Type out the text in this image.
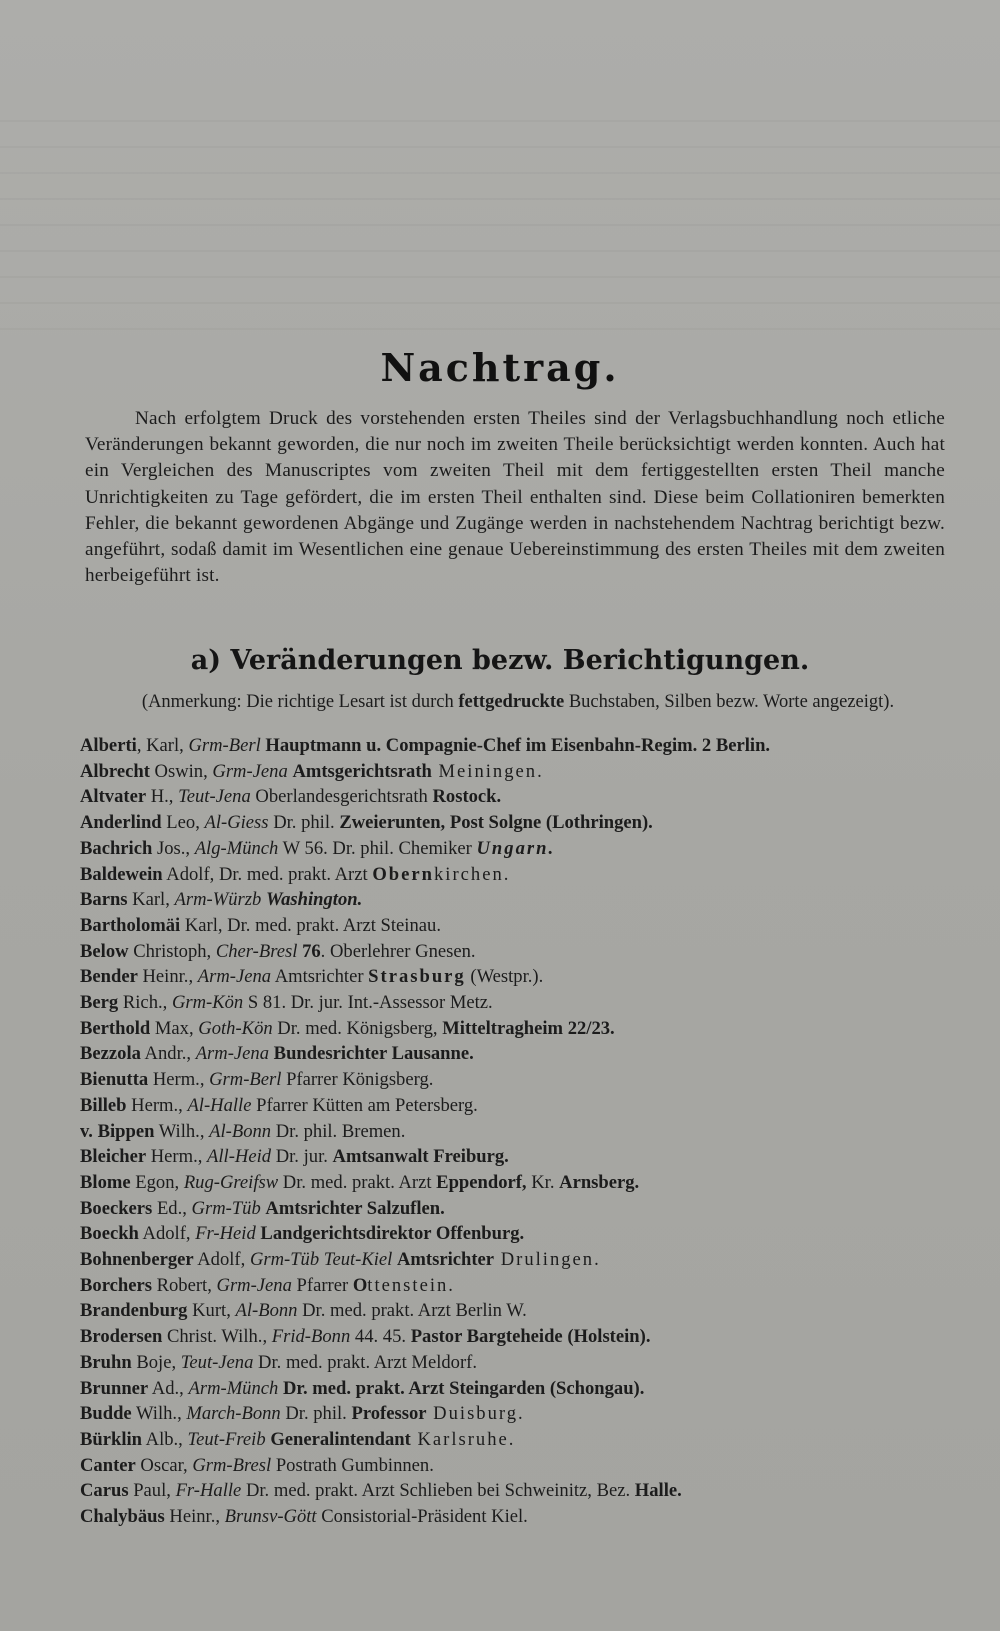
Nachtrag.

Nach erfolgtem Druck des vorstehenden ersten Theiles sind der Verlagsbuchhandlung noch etliche Veränderungen bekannt geworden, die nur noch im zweiten Theile berücksichtigt werden konnten. Auch hat ein Vergleichen des Manuscriptes vom zweiten Theil mit dem fertiggestellten ersten Theil manche Unrichtigkeiten zu Tage gefördert, die im ersten Theil enthalten sind. Diese beim Collationiren bemerkten Fehler, die bekannt gewordenen Abgänge und Zugänge werden in nachstehendem Nachtrag berichtigt bezw. angeführt, sodaß damit im Wesentlichen eine genaue Uebereinstimmung des ersten Theiles mit dem zweiten herbeigeführt ist.

a) Veränderungen bezw. Berichtigungen.
(Anmerkung: Die richtige Lesart ist durch fettgedruckte Buchstaben, Silben bezw. Worte angezeigt).
Alberti, Karl, Grm-Berl Hauptmann u. Compagnie-Chef im Eisenbahn-Regim. 2 Berlin.
Albrecht Oswin, Grm-Jena Amtsgerichtsrath Meiningen.
Altvater H., Teut-Jena Oberlandesgerichtsrath Rostock.
Anderlind Leo, Al-Giess Dr. phil. Zweierunten, Post Solgne (Lothringen).
Bachrich Jos., Alg-Münch W 56. Dr. phil. Chemiker Ungarn.
Baldewein Adolf, Dr. med. prakt. Arzt Obernkirchen.
Barns Karl, Arm-Würzb Washington.
Bartholomäi Karl, Dr. med. prakt. Arzt Steinau.
Below Christoph, Cher-Bresl 76. Oberlehrer Gnesen.
Bender Heinr., Arm-Jena Amtsrichter Strasburg (Westpr.).
Berg Rich., Grm-Kön S 81. Dr. jur. Int.-Assessor Metz.
Berthold Max, Goth-Kön Dr. med. Königsberg, Mitteltragheim 22/23.
Bezzola Andr., Arm-Jena Bundesrichter Lausanne.
Bienutta Herm., Grm-Berl Pfarrer Königsberg.
Billeb Herm., Al-Halle Pfarrer Kütten am Petersberg.
v. Bippen Wilh., Al-Bonn Dr. phil. Bremen.
Bleicher Herm., All-Heid Dr. jur. Amtsanwalt Freiburg.
Blome Egon, Rug-Greifsw Dr. med. prakt. Arzt Eppendorf, Kr. Arnsberg.
Boeckers Ed., Grm-Tüb Amtsrichter Salzuflen.
Boeckh Adolf, Fr-Heid Landgerichtsdirektor Offenburg.
Bohnenberger Adolf, Grm-Tüb Teut-Kiel Amtsrichter Drulingen.
Borchers Robert, Grm-Jena Pfarrer Ottenstein.
Brandenburg Kurt, Al-Bonn Dr. med. prakt. Arzt Berlin W.
Brodersen Christ. Wilh., Frid-Bonn 44. 45. Pastor Bargteheide (Holstein).
Bruhn Boje, Teut-Jena Dr. med. prakt. Arzt Meldorf.
Brunner Ad., Arm-Münch Dr. med. prakt. Arzt Steingarden (Schongau).
Budde Wilh., March-Bonn Dr. phil. Professor Duisburg.
Bürklin Alb., Teut-Freib Generalintendant Karlsruhe.
Canter Oscar, Grm-Bresl Postrath Gumbinnen.
Carus Paul, Fr-Halle Dr. med. prakt. Arzt Schlieben bei Schweinitz, Bez. Halle.
Chalybäus Heinr., Brunsv-Gött Consistorial-Präsident Kiel.
